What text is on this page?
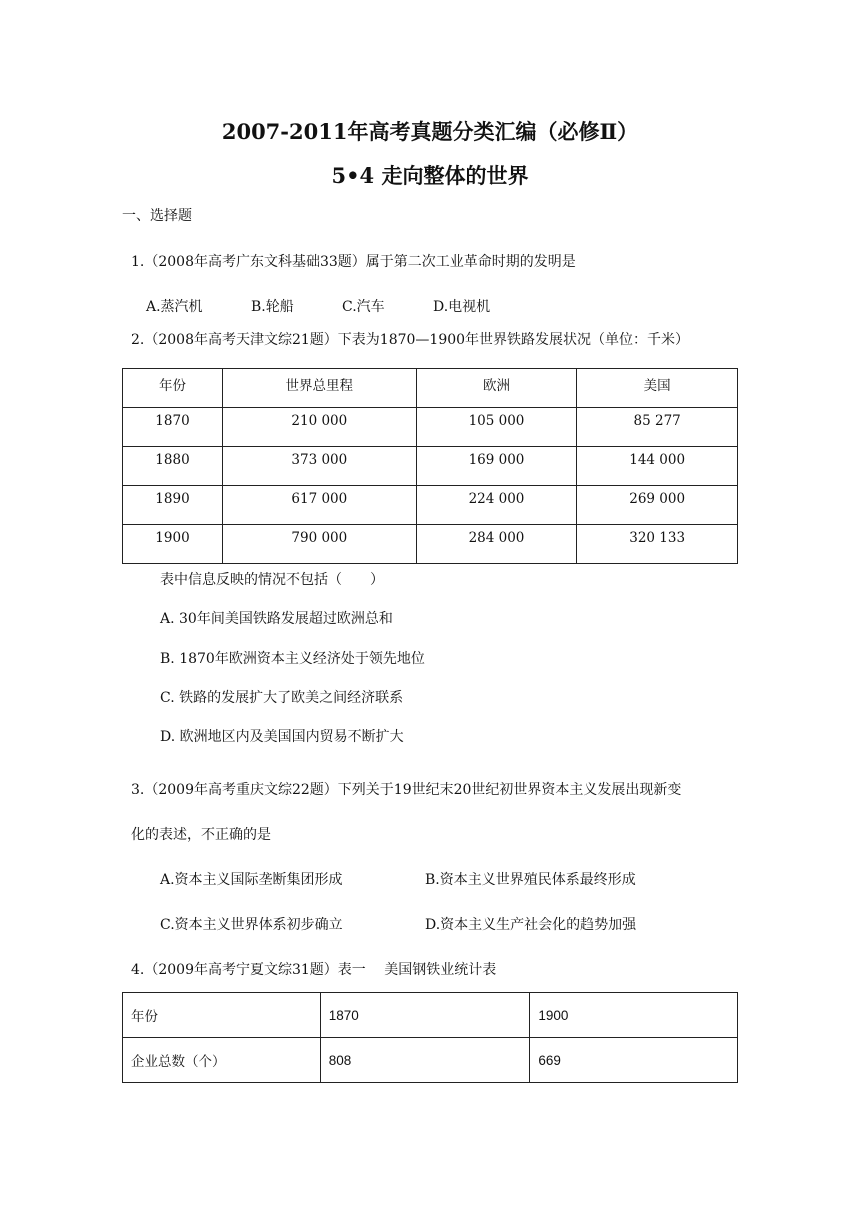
2007-2011年高考真题分类汇编（必修Ⅱ）
5•4 走向整体的世界
一、选择题
1.（2008年高考广东文科基础33题）属于第二次工业革命时期的发明是
A.蒸汽机	B.轮船	C.汽车	D.电视机
2.（2008年高考天津文综21题）下表为1870—1900年世界铁路发展状况（单位：千米）
年份	世界总里程	欧洲	美国
1870	210 000	105 000	85 277
1880	373 000	169 000	144 000
1890	617 000	224 000	269 000
1900	790 000	284 000	320 133
表中信息反映的情况不包括（　　）
A. 30年间美国铁路发展超过欧洲总和
B. 1870年欧洲资本主义经济处于领先地位
C. 铁路的发展扩大了欧美之间经济联系
D. 欧洲地区内及美国国内贸易不断扩大
3.（2009年高考重庆文综22题）下列关于19世纪末20世纪初世界资本主义发展出现新变
化的表述，不正确的是
A.资本主义国际垄断集团形成	B.资本主义世界殖民体系最终形成
C.资本主义世界体系初步确立	D.资本主义生产社会化的趋势加强
4.（2009年高考宁夏文综31题）表一　 美国钢铁业统计表
年份	1870	1900
企业总数（个）	808	669
